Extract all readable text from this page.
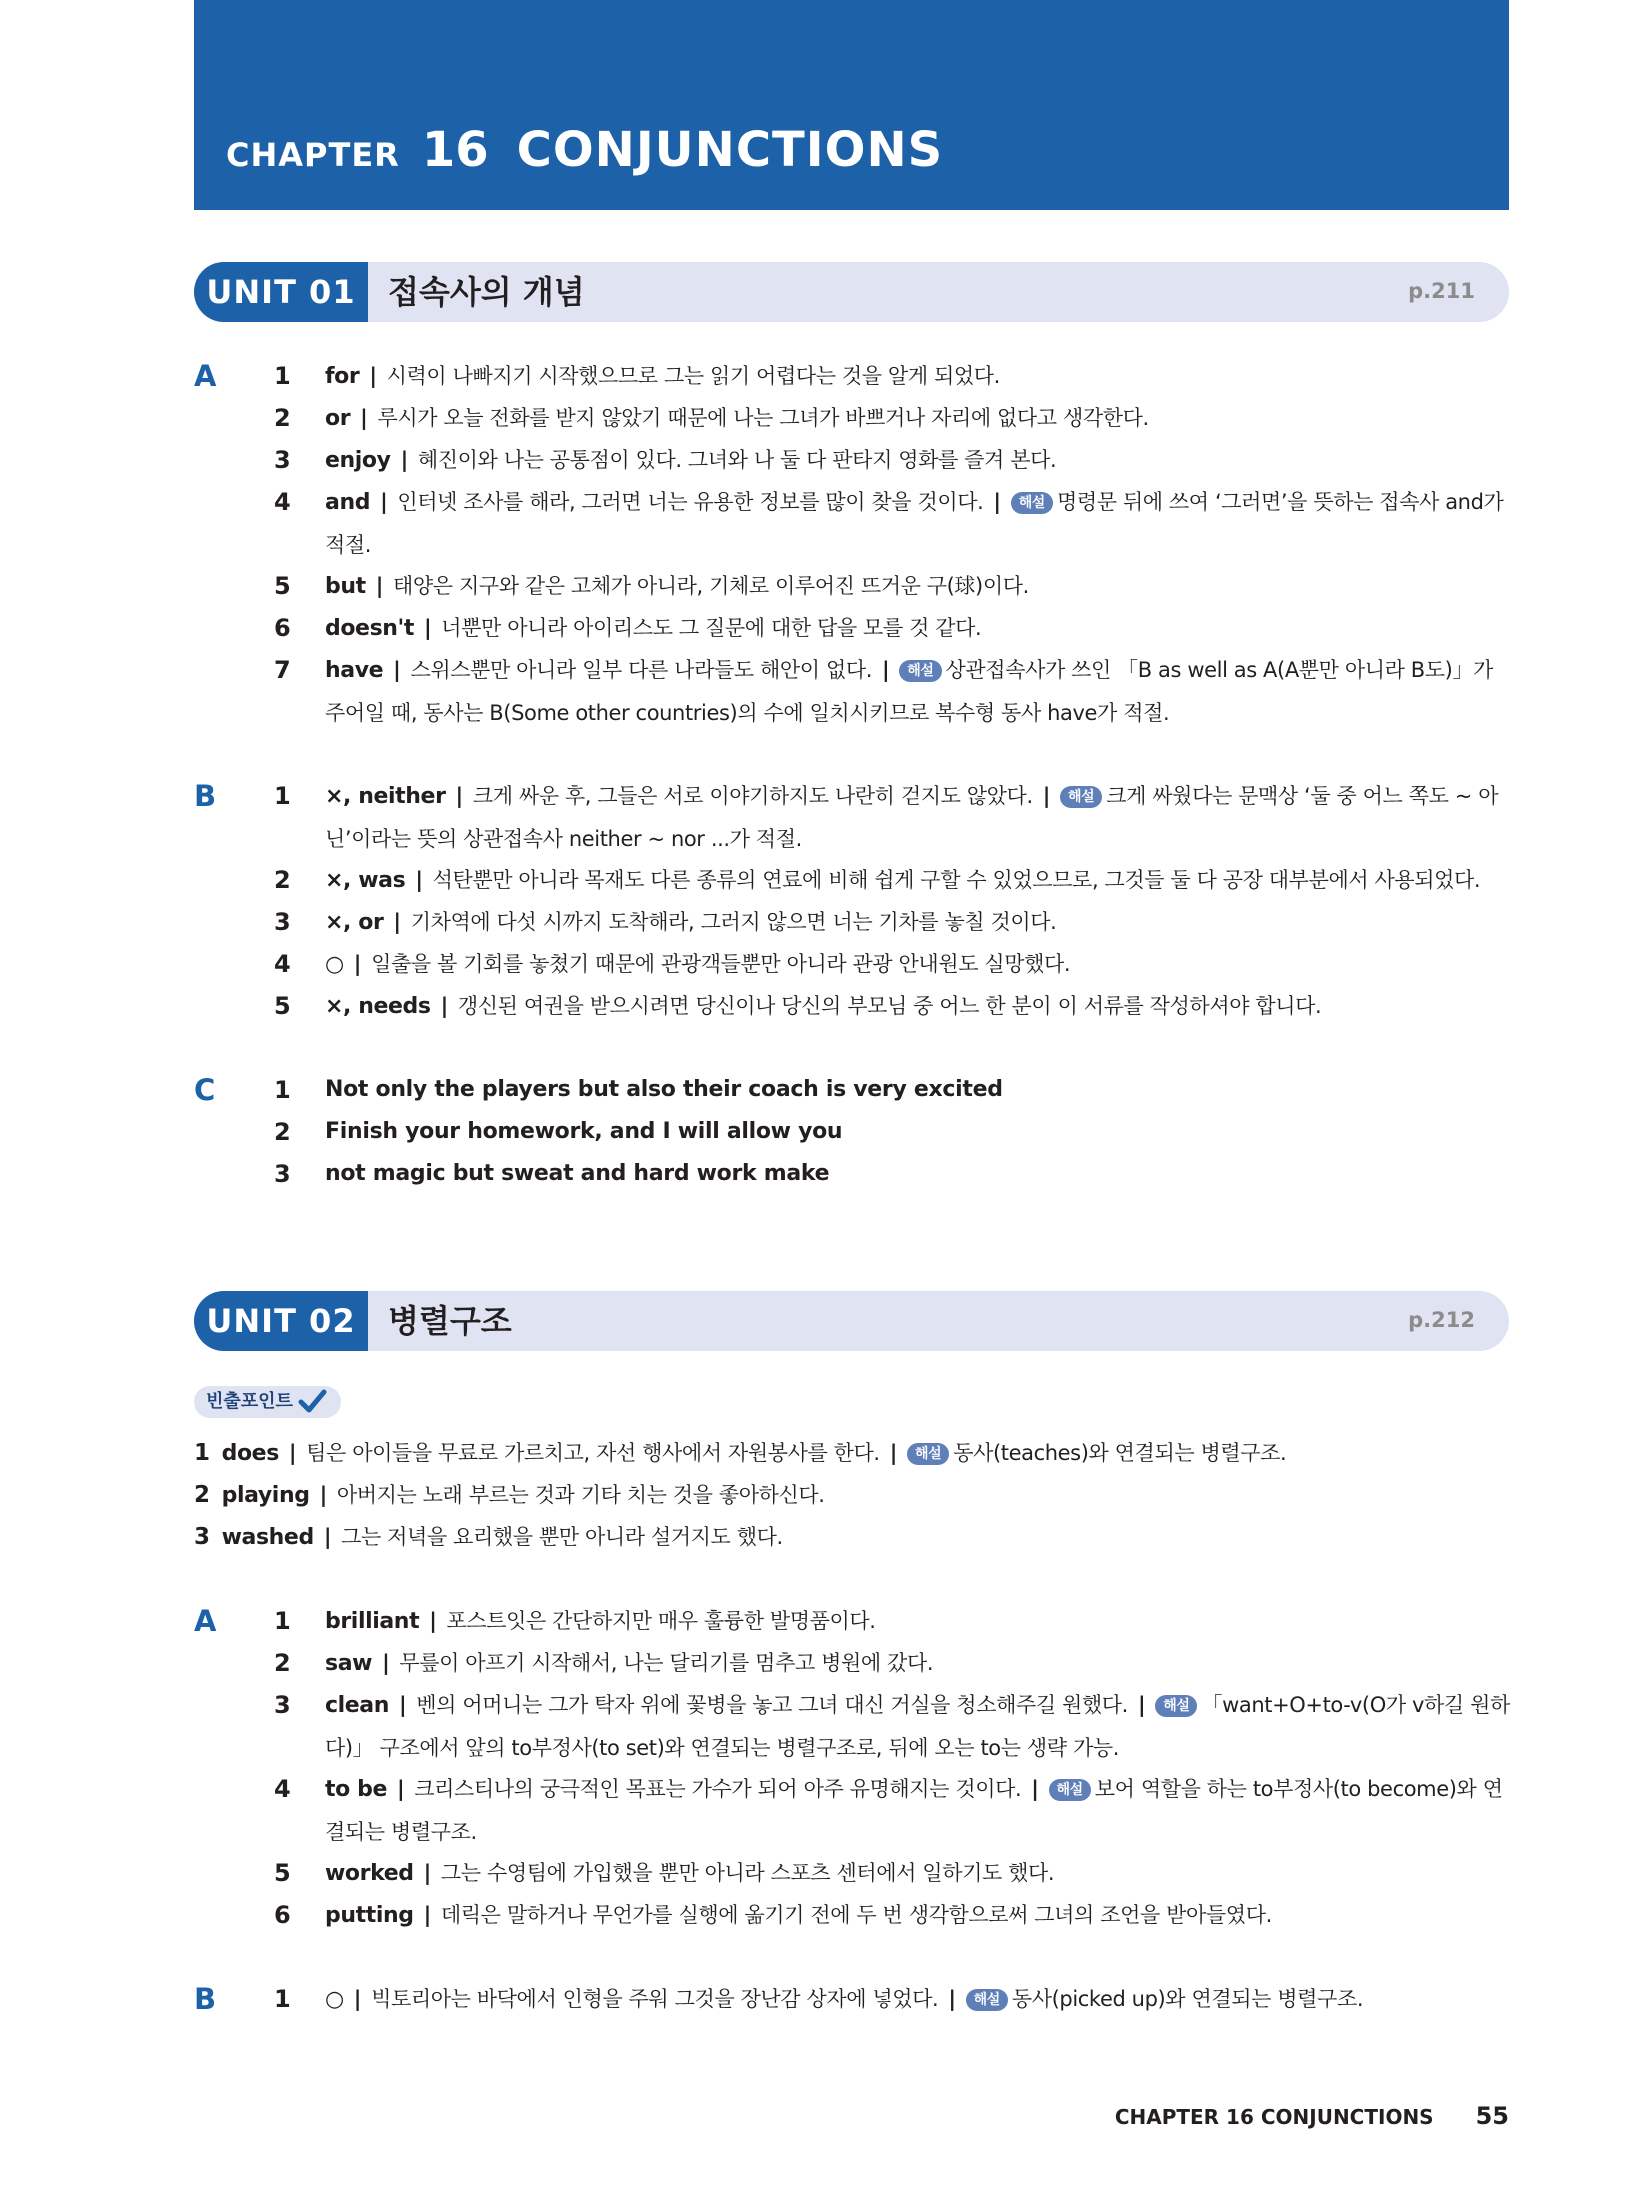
CHAPTER 16 CONJUNCTIONS
UNIT 01	접속사의 개념	p.211
A 1 for | 시력이 나빠지기 시작했으므로 그는 읽기 어렵다는 것을 알게 되었다.
2 or | 루시가 오늘 전화를 받지 않았기 때문에 나는 그녀가 바쁘거나 자리에 없다고 생각한다.
3 enjoy | 혜진이와 나는 공통점이 있다. 그녀와 나 둘 다 판타지 영화를 즐겨 본다.
4 and | 인터넷 조사를 해라, 그러면 너는 유용한 정보를 많이 찾을 것이다. | 해설 명령문 뒤에 쓰여 ‘그러면’을 뜻하는 접속사 and가 적절.
5 but | 태양은 지구와 같은 고체가 아니라, 기체로 이루어진 뜨거운 구(球)이다.
6 doesn't | 너뿐만 아니라 아이리스도 그 질문에 대한 답을 모를 것 같다.
7 have | 스위스뿐만 아니라 일부 다른 나라들도 해안이 없다. | 해설 상관접속사가 쓰인 「B as well as A(A뿐만 아니라 B도)」가 주어일 때, 동사는 B(Some other countries)의 수에 일치시키므로 복수형 동사 have가 적절.
B 1 ×, neither | 크게 싸운 후, 그들은 서로 이야기하지도 나란히 걷지도 않았다. | 해설 크게 싸웠다는 문맥상 ‘둘 중 어느 쪽도 ~ 아닌’이라는 뜻의 상관접속사 neither ~ nor ...가 적절.
2 ×, was | 석탄뿐만 아니라 목재도 다른 종류의 연료에 비해 쉽게 구할 수 있었으므로, 그것들 둘 다 공장 대부분에서 사용되었다.
3 ×, or | 기차역에 다섯 시까지 도착해라, 그러지 않으면 너는 기차를 놓칠 것이다.
4 ○ | 일출을 볼 기회를 놓쳤기 때문에 관광객들뿐만 아니라 관광 안내원도 실망했다.
5 ×, needs | 갱신된 여권을 받으시려면 당신이나 당신의 부모님 중 어느 한 분이 이 서류를 작성하셔야 합니다.
C 1 Not only the players but also their coach is very excited
2 Finish your homework, and I will allow you
3 not magic but sweat and hard work make
UNIT 02	병렬구조	p.212
빈출포인트
1 does | 팀은 아이들을 무료로 가르치고, 자선 행사에서 자원봉사를 한다. | 해설 동사(teaches)와 연결되는 병렬구조.
2 playing | 아버지는 노래 부르는 것과 기타 치는 것을 좋아하신다.
3 washed | 그는 저녁을 요리했을 뿐만 아니라 설거지도 했다.
A 1 brilliant | 포스트잇은 간단하지만 매우 훌륭한 발명품이다.
2 saw | 무릎이 아프기 시작해서, 나는 달리기를 멈추고 병원에 갔다.
3 clean | 벤의 어머니는 그가 탁자 위에 꽃병을 놓고 그녀 대신 거실을 청소해주길 원했다. | 해설 「want+O+to-v(O가 v하길 원하다)」 구조에서 앞의 to부정사(to set)와 연결되는 병렬구조로, 뒤에 오는 to는 생략 가능.
4 to be | 크리스티나의 궁극적인 목표는 가수가 되어 아주 유명해지는 것이다. | 해설 보어 역할을 하는 to부정사(to become)와 연결되는 병렬구조.
5 worked | 그는 수영팀에 가입했을 뿐만 아니라 스포츠 센터에서 일하기도 했다.
6 putting | 데릭은 말하거나 무언가를 실행에 옮기기 전에 두 번 생각함으로써 그녀의 조언을 받아들였다.
B 1 ○ | 빅토리아는 바닥에서 인형을 주워 그것을 장난감 상자에 넣었다. | 해설 동사(picked up)와 연결되는 병렬구조.
CHAPTER 16 CONJUNCTIONS 55
